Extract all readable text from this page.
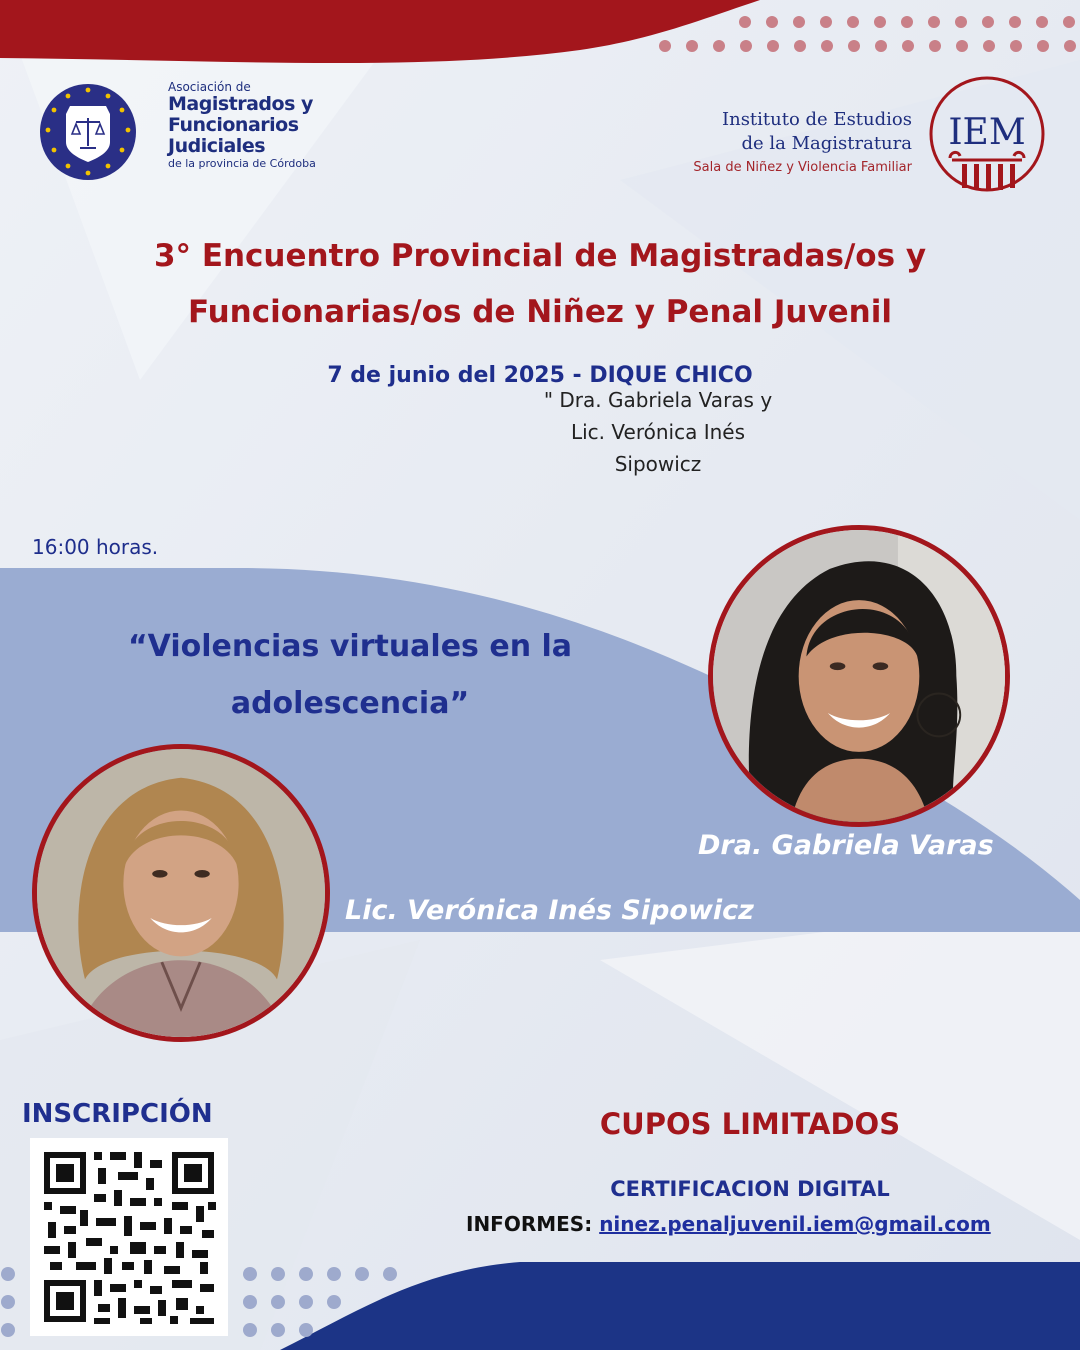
Asociación de
Magistrados y
Funcionarios
Judiciales
de la provincia de Córdoba
Instituto de Estudios
de la Magistratura
Sala de Niñez y Violencia Familiar
IEM
3° Encuentro Provincial de Magistradas/os y
Funcionarias/os de Niñez y Penal Juvenil
7 de junio del 2025 - DIQUE CHICO
" Dra. Gabriela Varas y
Lic. Verónica Inés
Sipowicz
16:00 horas.
“Violencias virtuales en la
adolescencia”
Dra. Gabriela Varas
Lic. Verónica Inés Sipowicz
INSCRIPCIÓN	CUPOS LIMITADOS
CERTIFICACION DIGITAL
INFORMES: ninez.penaljuvenil.iem@gmail.com
